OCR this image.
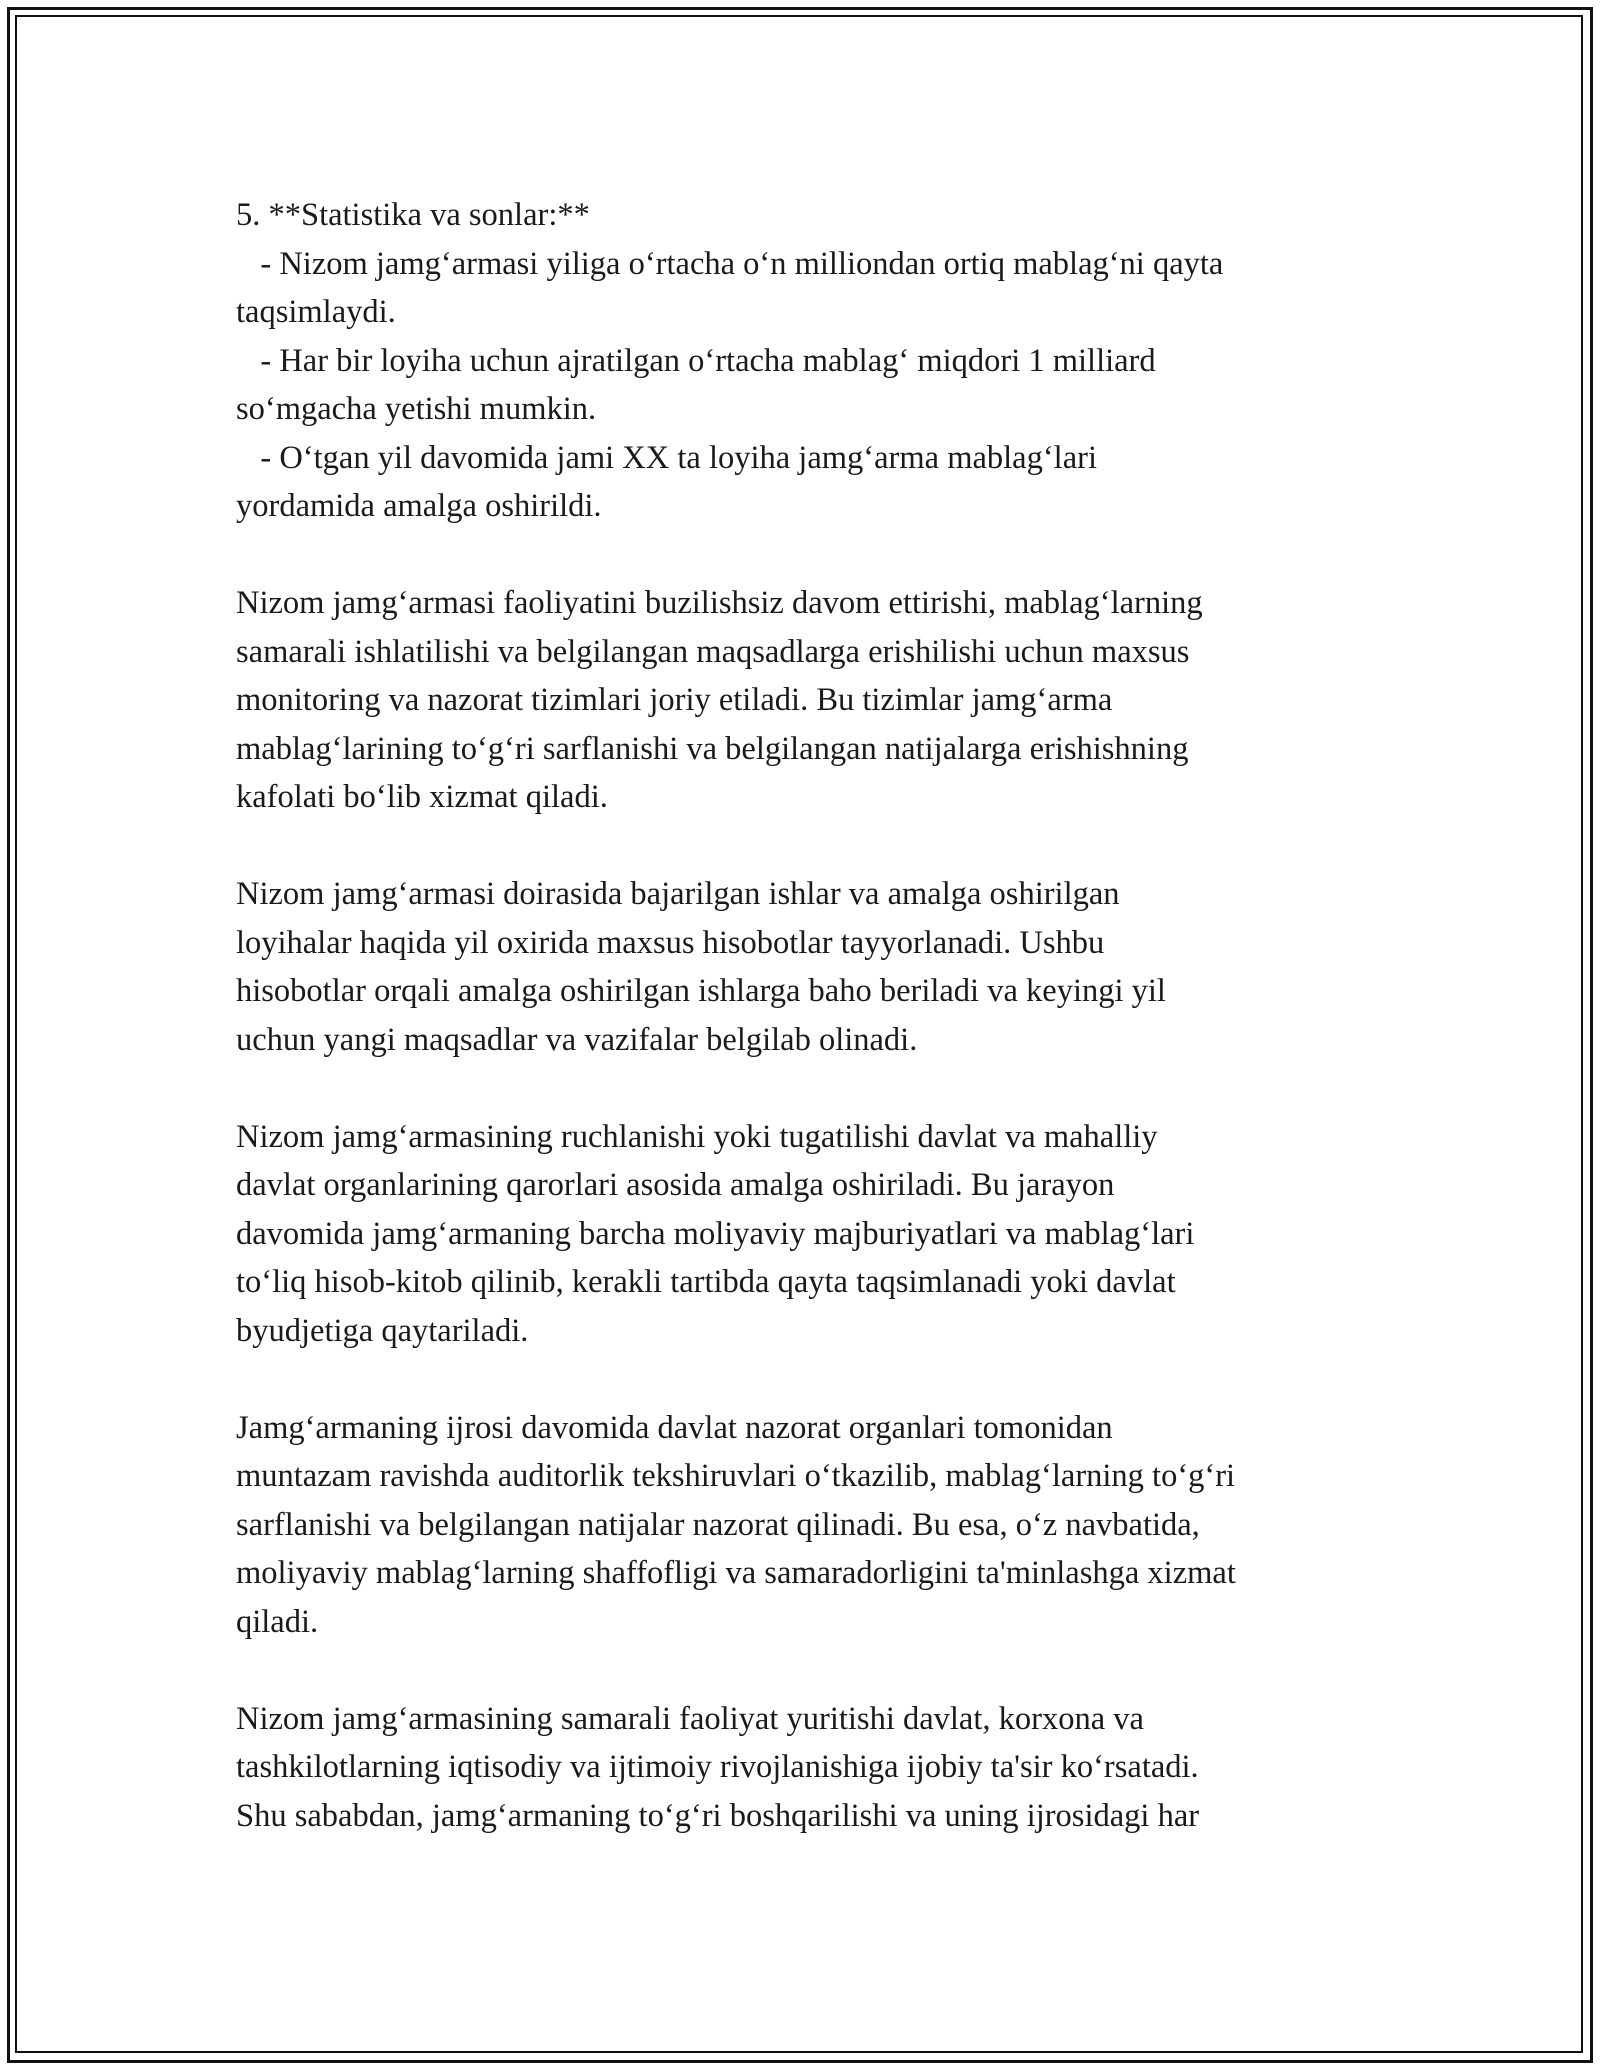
5. **Statistika va sonlar:**
- Nizom jamg‘armasi yiliga o‘rtacha o‘n milliondan ortiq mablag‘ni qayta
taqsimlaydi.
- Har bir loyiha uchun ajratilgan o‘rtacha mablag‘ miqdori 1 milliard
so‘mgacha yetishi mumkin.
- O‘tgan yil davomida jami XX ta loyiha jamg‘arma mablag‘lari
yordamida amalga oshirildi.
Nizom jamg‘armasi faoliyatini buzilishsiz davom ettirishi, mablag‘larning
samarali ishlatilishi va belgilangan maqsadlarga erishilishi uchun maxsus
monitoring va nazorat tizimlari joriy etiladi. Bu tizimlar jamg‘arma
mablag‘larining to‘g‘ri sarflanishi va belgilangan natijalarga erishishning
kafolati bo‘lib xizmat qiladi.
Nizom jamg‘armasi doirasida bajarilgan ishlar va amalga oshirilgan
loyihalar haqida yil oxirida maxsus hisobotlar tayyorlanadi. Ushbu
hisobotlar orqali amalga oshirilgan ishlarga baho beriladi va keyingi yil
uchun yangi maqsadlar va vazifalar belgilab olinadi.
Nizom jamg‘armasining ruchlanishi yoki tugatilishi davlat va mahalliy
davlat organlarining qarorlari asosida amalga oshiriladi. Bu jarayon
davomida jamg‘armaning barcha moliyaviy majburiyatlari va mablag‘lari
to‘liq hisob-kitob qilinib, kerakli tartibda qayta taqsimlanadi yoki davlat
byudjetiga qaytariladi.
Jamg‘armaning ijrosi davomida davlat nazorat organlari tomonidan
muntazam ravishda auditorlik tekshiruvlari o‘tkazilib, mablag‘larning to‘g‘ri
sarflanishi va belgilangan natijalar nazorat qilinadi. Bu esa, o‘z navbatida,
moliyaviy mablag‘larning shaffofligi va samaradorligini ta'minlashga xizmat
qiladi.
Nizom jamg‘armasining samarali faoliyat yuritishi davlat, korxona va
tashkilotlarning iqtisodiy va ijtimoiy rivojlanishiga ijobiy ta'sir ko‘rsatadi.
Shu sababdan, jamg‘armaning to‘g‘ri boshqarilishi va uning ijrosidagi har
